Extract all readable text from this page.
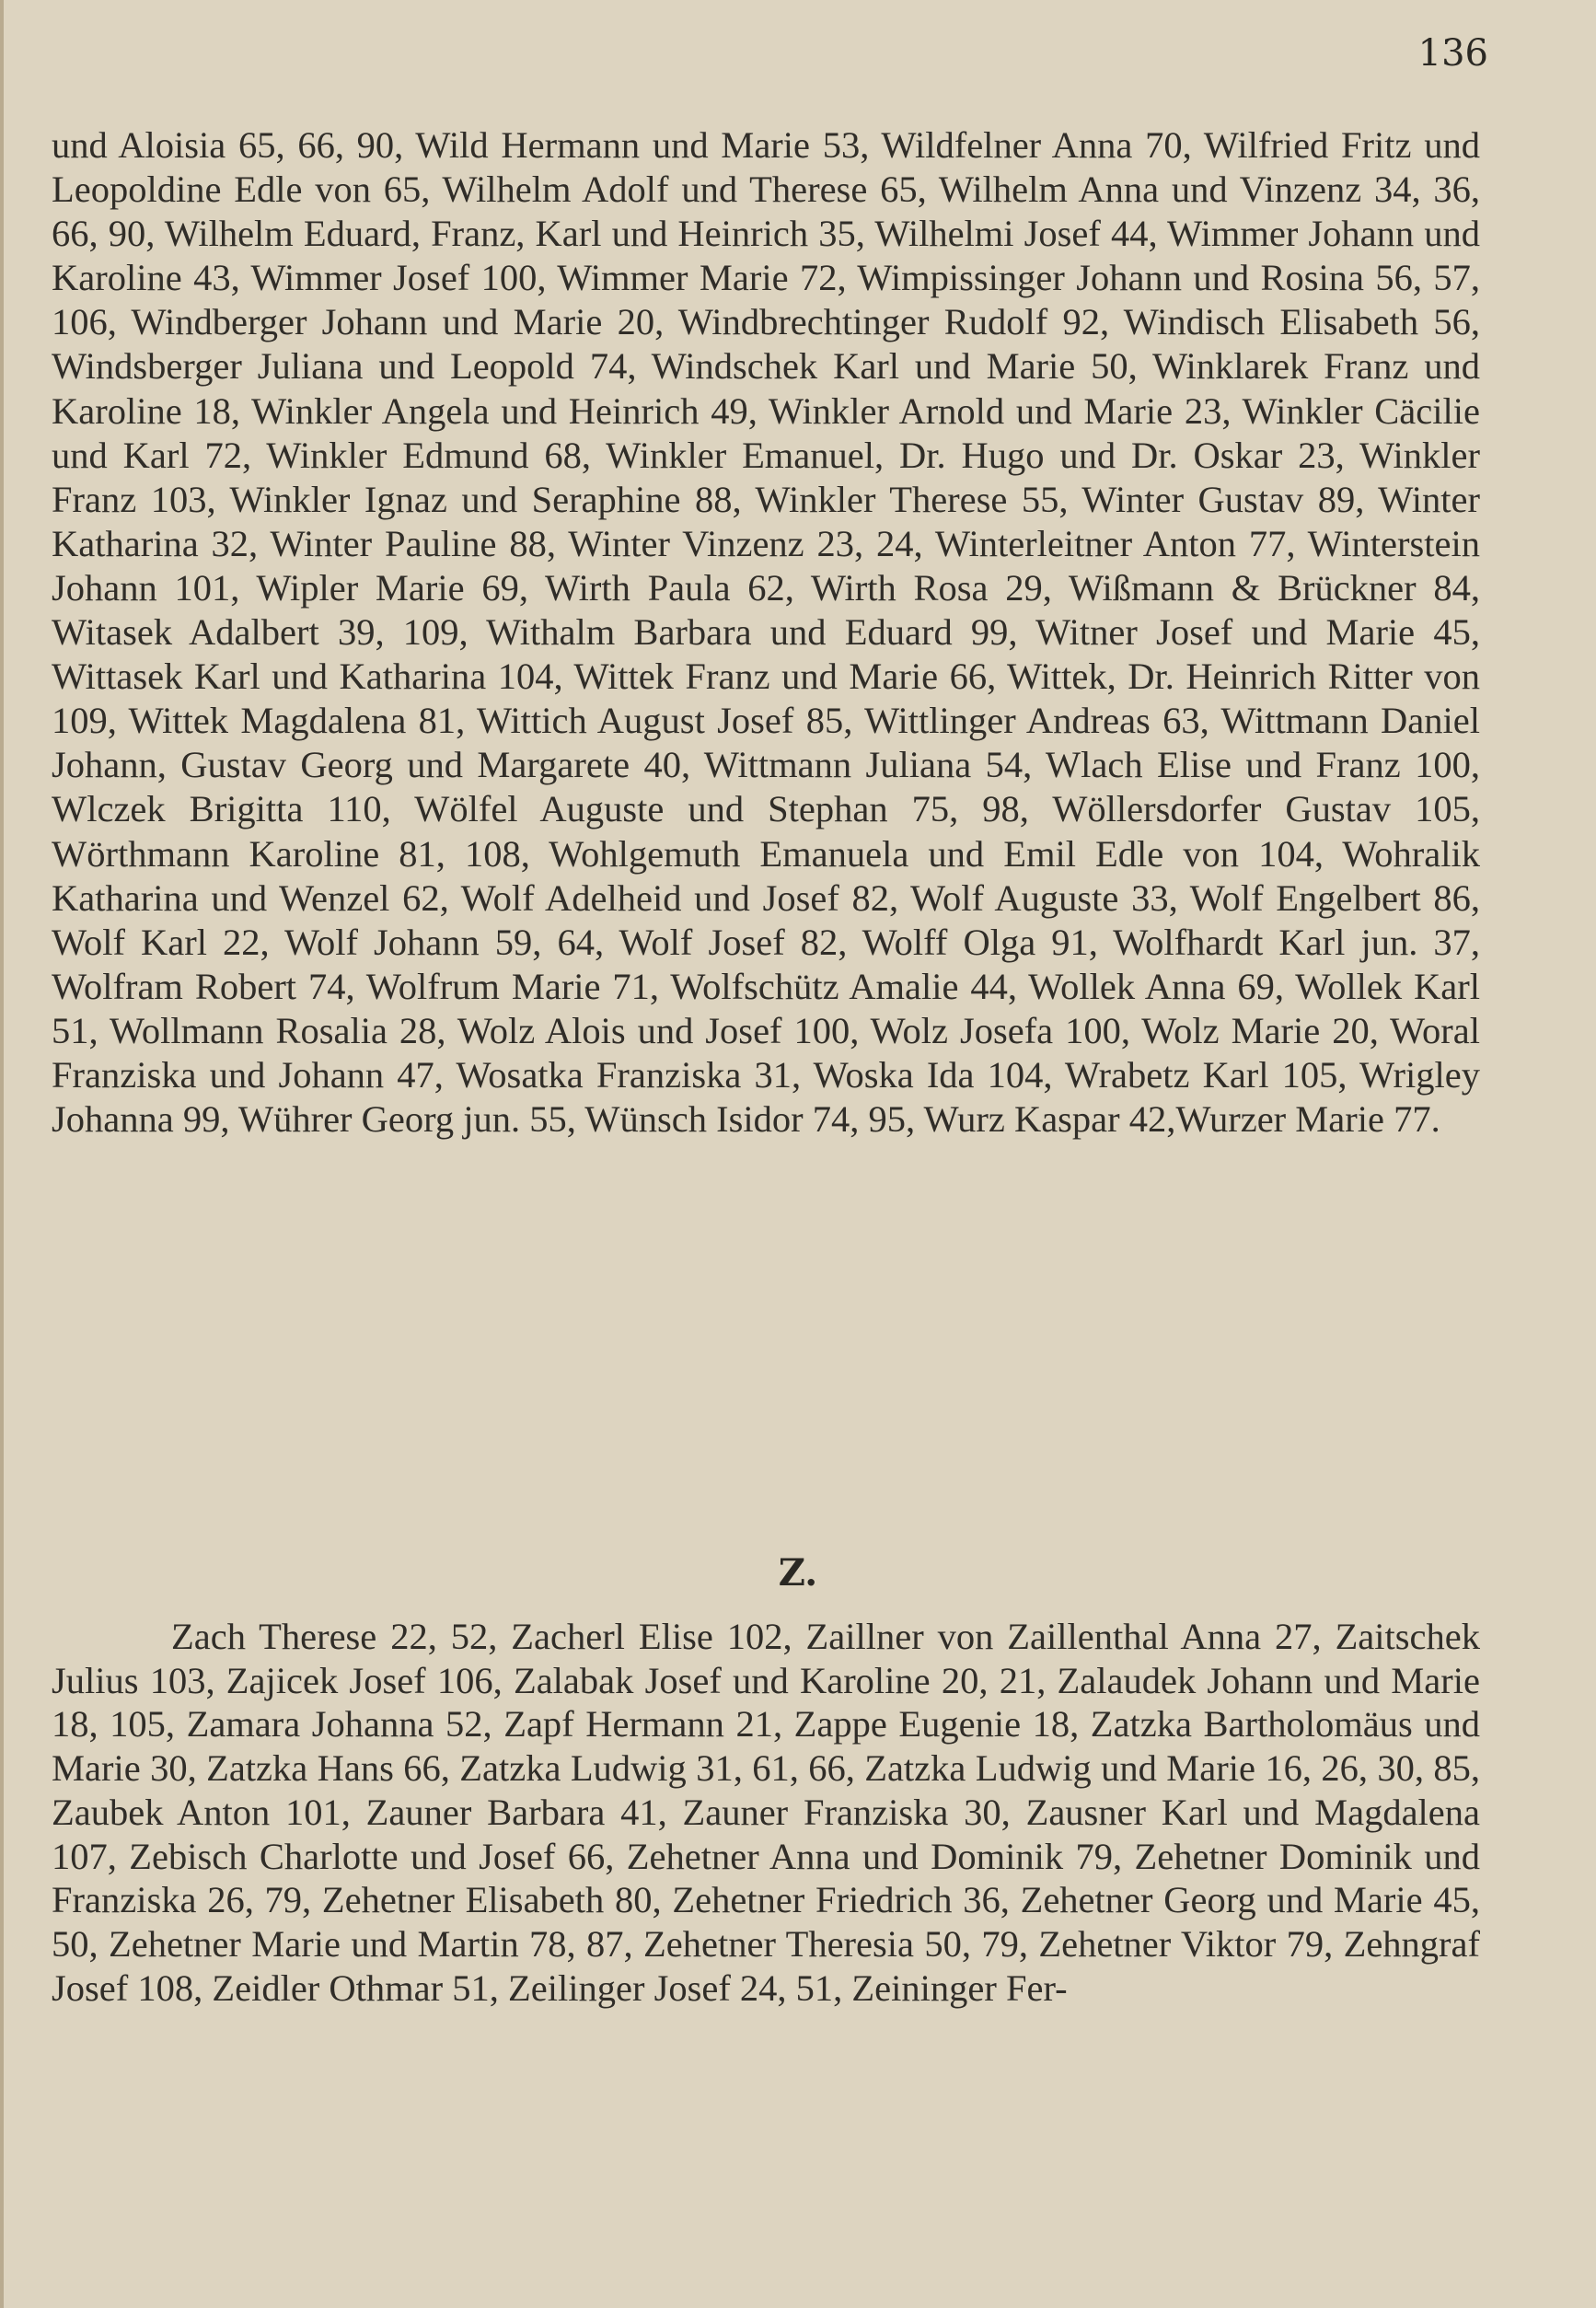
136

und Aloisia 65, 66, 90, Wild Hermann und Marie 53, Wildfelner Anna 70, Wilfried Fritz und Leopoldine Edle von 65, Wilhelm Adolf und Therese 65, Wilhelm Anna und Vinzenz 34, 36, 66, 90, Wilhelm Eduard, Franz, Karl und Heinrich 35, Wilhelmi Josef 44, Wimmer Johann und Karoline 43, Wimmer Josef 100, Wimmer Marie 72, Wimpissinger Johann und Rosina 56, 57, 106, Windberger Johann und Marie 20, Windbrechtinger Rudolf 92, Windisch Elisabeth 56, Windsberger Juliana und Leopold 74, Windschek Karl und Marie 50, Winklarek Franz und Karoline 18, Winkler Angela und Heinrich 49, Winkler Arnold und Marie 23, Winkler Cäcilie und Karl 72, Winkler Edmund 68, Winkler Emanuel, Dr. Hugo und Dr. Oskar 23, Winkler Franz 103, Winkler Ignaz und Seraphine 88, Winkler Therese 55, Winter Gustav 89, Winter Katharina 32, Winter Pauline 88, Winter Vinzenz 23, 24, Winterleitner Anton 77, Winterstein Johann 101, Wipler Marie 69, Wirth Paula 62, Wirth Rosa 29, Wißmann & Brückner 84, Witasek Adalbert 39, 109, Withalm Barbara und Eduard 99, Witner Josef und Marie 45, Wittasek Karl und Katharina 104, Wittek Franz und Marie 66, Wittek, Dr. Heinrich Ritter von 109, Wittek Magdalena 81, Wittich August Josef 85, Wittlinger Andreas 63, Wittmann Daniel Johann, Gustav Georg und Margarete 40, Wittmann Juliana 54, Wlach Elise und Franz 100, Wlczek Brigitta 110, Wölfel Auguste und Stephan 75, 98, Wöllersdorfer Gustav 105, Wörthmann Karoline 81, 108, Wohlgemuth Emanuela und Emil Edle von 104, Wohralik Katharina und Wenzel 62, Wolf Adelheid und Josef 82, Wolf Auguste 33, Wolf Engelbert 86, Wolf Karl 22, Wolf Johann 59, 64, Wolf Josef 82, Wolff Olga 91, Wolfhardt Karl jun. 37, Wolfram Robert 74, Wolfrum Marie 71, Wolfschütz Amalie 44, Wollek Anna 69, Wollek Karl 51, Wollmann Rosalia 28, Wolz Alois und Josef 100, Wolz Josefa 100, Wolz Marie 20, Woral Franziska und Johann 47, Wosatka Franziska 31, Woska Ida 104, Wrabetz Karl 105, Wrigley Johanna 99, Wührer Georg jun. 55, Wünsch Isidor 74, 95, Wurz Kaspar 42,Wurzer Marie 77.

Z.

Zach Therese 22, 52, Zacherl Elise 102, Zaillner von Zaillenthal Anna 27, Zaitschek Julius 103, Zajicek Josef 106, Zalabak Josef und Karoline 20, 21, Zalaudek Johann und Marie 18, 105, Zamara Johanna 52, Zapf Hermann 21, Zappe Eugenie 18, Zatzka Bartholomäus und Marie 30, Zatzka Hans 66, Zatzka Ludwig 31, 61, 66, Zatzka Ludwig und Marie 16, 26, 30, 85, Zaubek Anton 101, Zauner Barbara 41, Zauner Franziska 30, Zausner Karl und Magdalena 107, Zebisch Charlotte und Josef 66, Zehetner Anna und Dominik 79, Zehetner Dominik und Franziska 26, 79, Zehetner Elisabeth 80, Zehetner Friedrich 36, Zehetner Georg und Marie 45, 50, Zehetner Marie und Martin 78, 87, Zehetner Theresia 50, 79, Zehetner Viktor 79, Zehngraf Josef 108, Zeidler Othmar 51, Zeilinger Josef 24, 51, Zeininger Fer-
